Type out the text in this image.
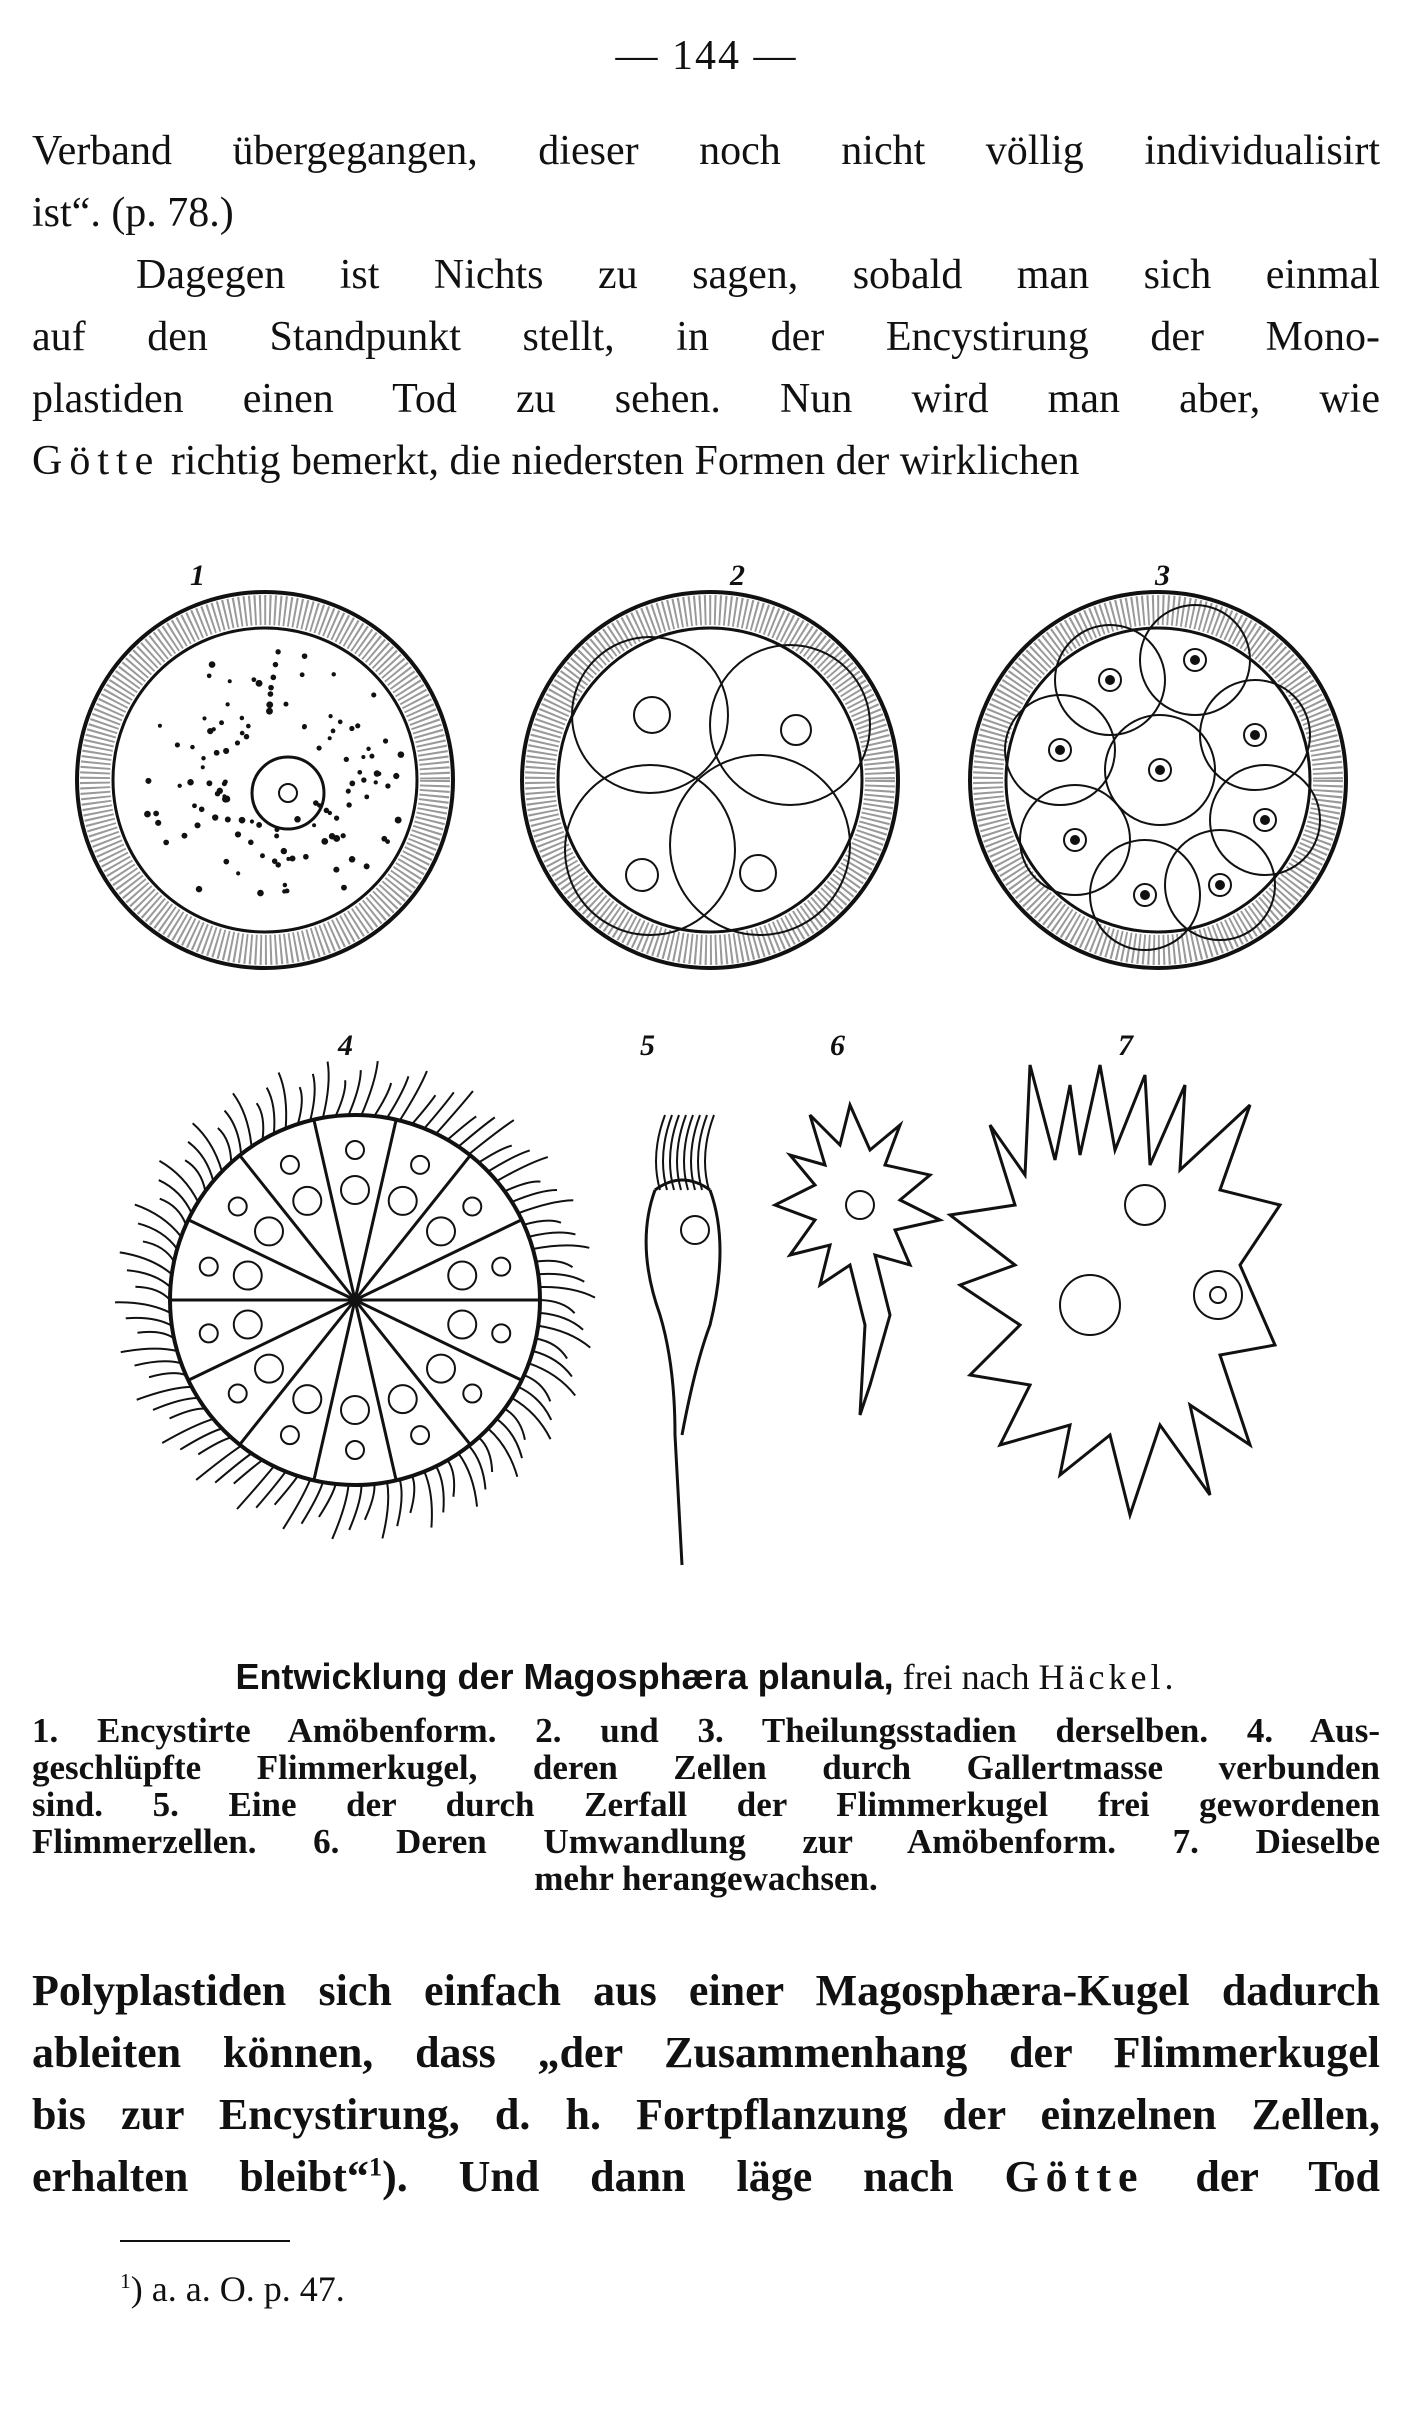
— 144 —
Verband übergegangen, dieser noch nicht völlig individualisirt
ist“. (p. 78.)
Dagegen ist Nichts zu sagen, sobald man sich einmal
auf den Standpunkt stellt, in der Encystirung der Mono-
plastiden einen Tod zu sehen. Nun wird man aber, wie
Götte richtig bemerkt, die niedersten Formen der wirklichen
1	2	3
4	5	6	7
Entwicklung der Magosphæra planula, frei nach Häckel.
1. Encystirte Amöbenform. 2. und 3. Theilungsstadien derselben. 4. Aus-
geschlüpfte Flimmerkugel, deren Zellen durch Gallertmasse verbunden
sind. 5. Eine der durch Zerfall der Flimmerkugel frei gewordenen
Flimmerzellen. 6. Deren Umwandlung zur Amöbenform. 7. Dieselbe
mehr herangewachsen.
Polyplastiden sich einfach aus einer Magosphæra-Kugel dadurch
ableiten können, dass „der Zusammenhang der Flimmerkugel
bis zur Encystirung, d. h. Fortpflanzung der einzelnen Zellen,
erhalten bleibt“$^1$). Und dann läge nach Götte der Tod
$^1$) a. a. O. p. 47.
